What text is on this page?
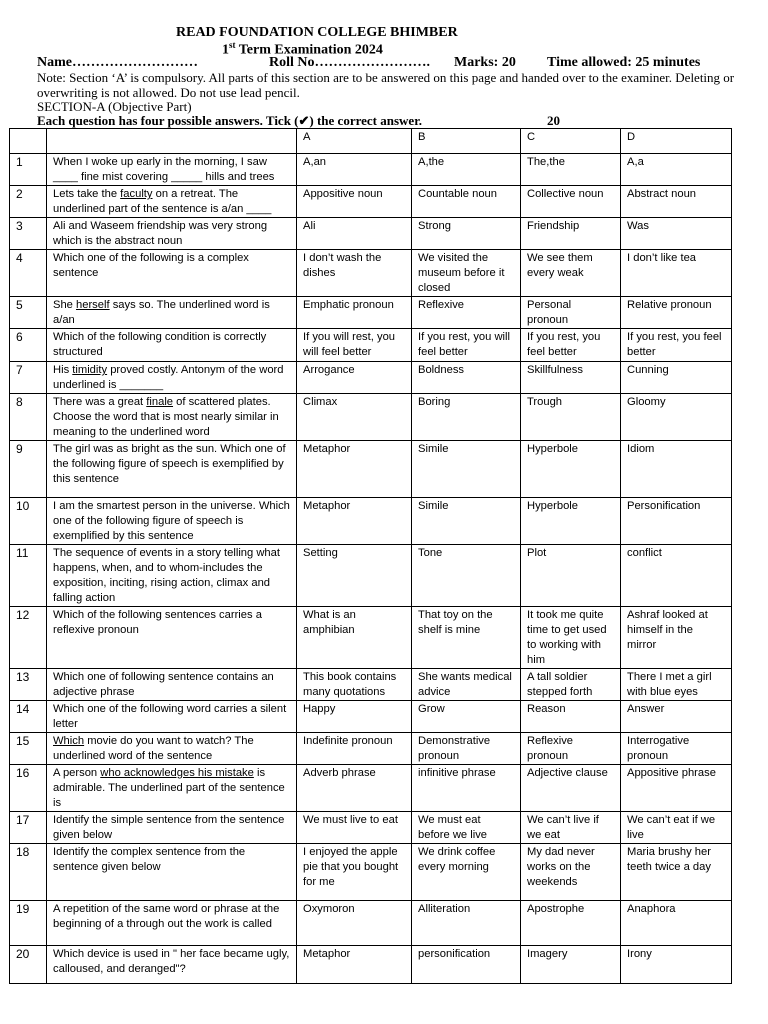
READ FOUNDATION COLLEGE BHIMBER
1st Term Examination 2024
Name………………………	Roll No……………………. Marks: 20 Time allowed: 25 minutes
Note: Section ‘A’ is compulsory. All parts of this section are to be answered on this page and handed over to the examiner. Deleting or overwriting is not allowed. Do not use lead pencil.
SECTION-A (Objective Part)
Each question has four possible answers. Tick (✔) the correct answer.	20
		A	B	C	D
1	When I woke up early in the morning, I saw ____ fine mist covering _____ hills and trees	A,an	A,the	The,the	A,a
2	Lets take the faculty on a retreat. The underlined part of the sentence is a/an ____	Appositive noun	Countable noun	Collective noun	Abstract noun
3	Ali and Waseem friendship was very strong which is the abstract noun	Ali	Strong	Friendship	Was
4	Which one of the following is a complex sentence	I don’t wash the dishes	We visited the museum before it closed	We see them every weak	I don’t like tea
5	She herself says so. The underlined word is a/an	Emphatic pronoun	Reflexive	Personal pronoun	Relative pronoun
6	Which of the following condition is correctly structured	If you will rest, you will feel better	If you rest, you will feel better	If you rest, you feel better	If you rest, you feel better
7	His timidity proved costly. Antonym of the word underlined is _______	Arrogance	Boldness	Skillfulness	Cunning
8	There was a great finale of scattered plates. Choose the word that is most nearly similar in meaning to the underlined word	Climax	Boring	Trough	Gloomy
9	The girl was as bright as the sun. Which one of the following figure of speech is exemplified by this sentence	Metaphor	Simile	Hyperbole	Idiom
10	I am the smartest person in the universe. Which one of the following figure of speech is exemplified by this sentence	Metaphor	Simile	Hyperbole	Personification
11	The sequence of events in a story telling what happens, when, and to whom-includes the exposition, inciting, rising action, climax and falling action	Setting	Tone	Plot	conflict
12	Which of the following sentences carries a reflexive pronoun	What is an amphibian	That toy on the shelf is mine	It took me quite time to get used to working with him	Ashraf looked at himself in the mirror
13	Which one of following sentence contains an adjective phrase	This book contains many quotations	She wants medical advice	A tall soldier stepped forth	There I met a girl with blue eyes
14	Which one of the following word carries a silent letter	Happy	Grow	Reason	Answer
15	Which movie do you want to watch? The underlined word of the sentence	Indefinite pronoun	Demonstrative pronoun	Reflexive pronoun	Interrogative pronoun
16	A person who acknowledges his mistake is admirable. The underlined part of the sentence is	Adverb phrase	infinitive phrase	Adjective clause	Appositive phrase
17	Identify the simple sentence from the sentence given below	We must live to eat	We must eat before we live	We can’t live if we eat	We can’t eat if we live
18	Identify the complex sentence from the sentence given below	I enjoyed the apple pie that you bought for me	We drink coffee every morning	My dad never works on the weekends	Maria brushy her teeth twice a day
19	A repetition of the same word or phrase at the beginning of a through out the work is called	Oxymoron	Alliteration	Apostrophe	Anaphora
20	Which device is used in " her face became ugly, calloused, and deranged"?	Metaphor	personification	Imagery	Irony
